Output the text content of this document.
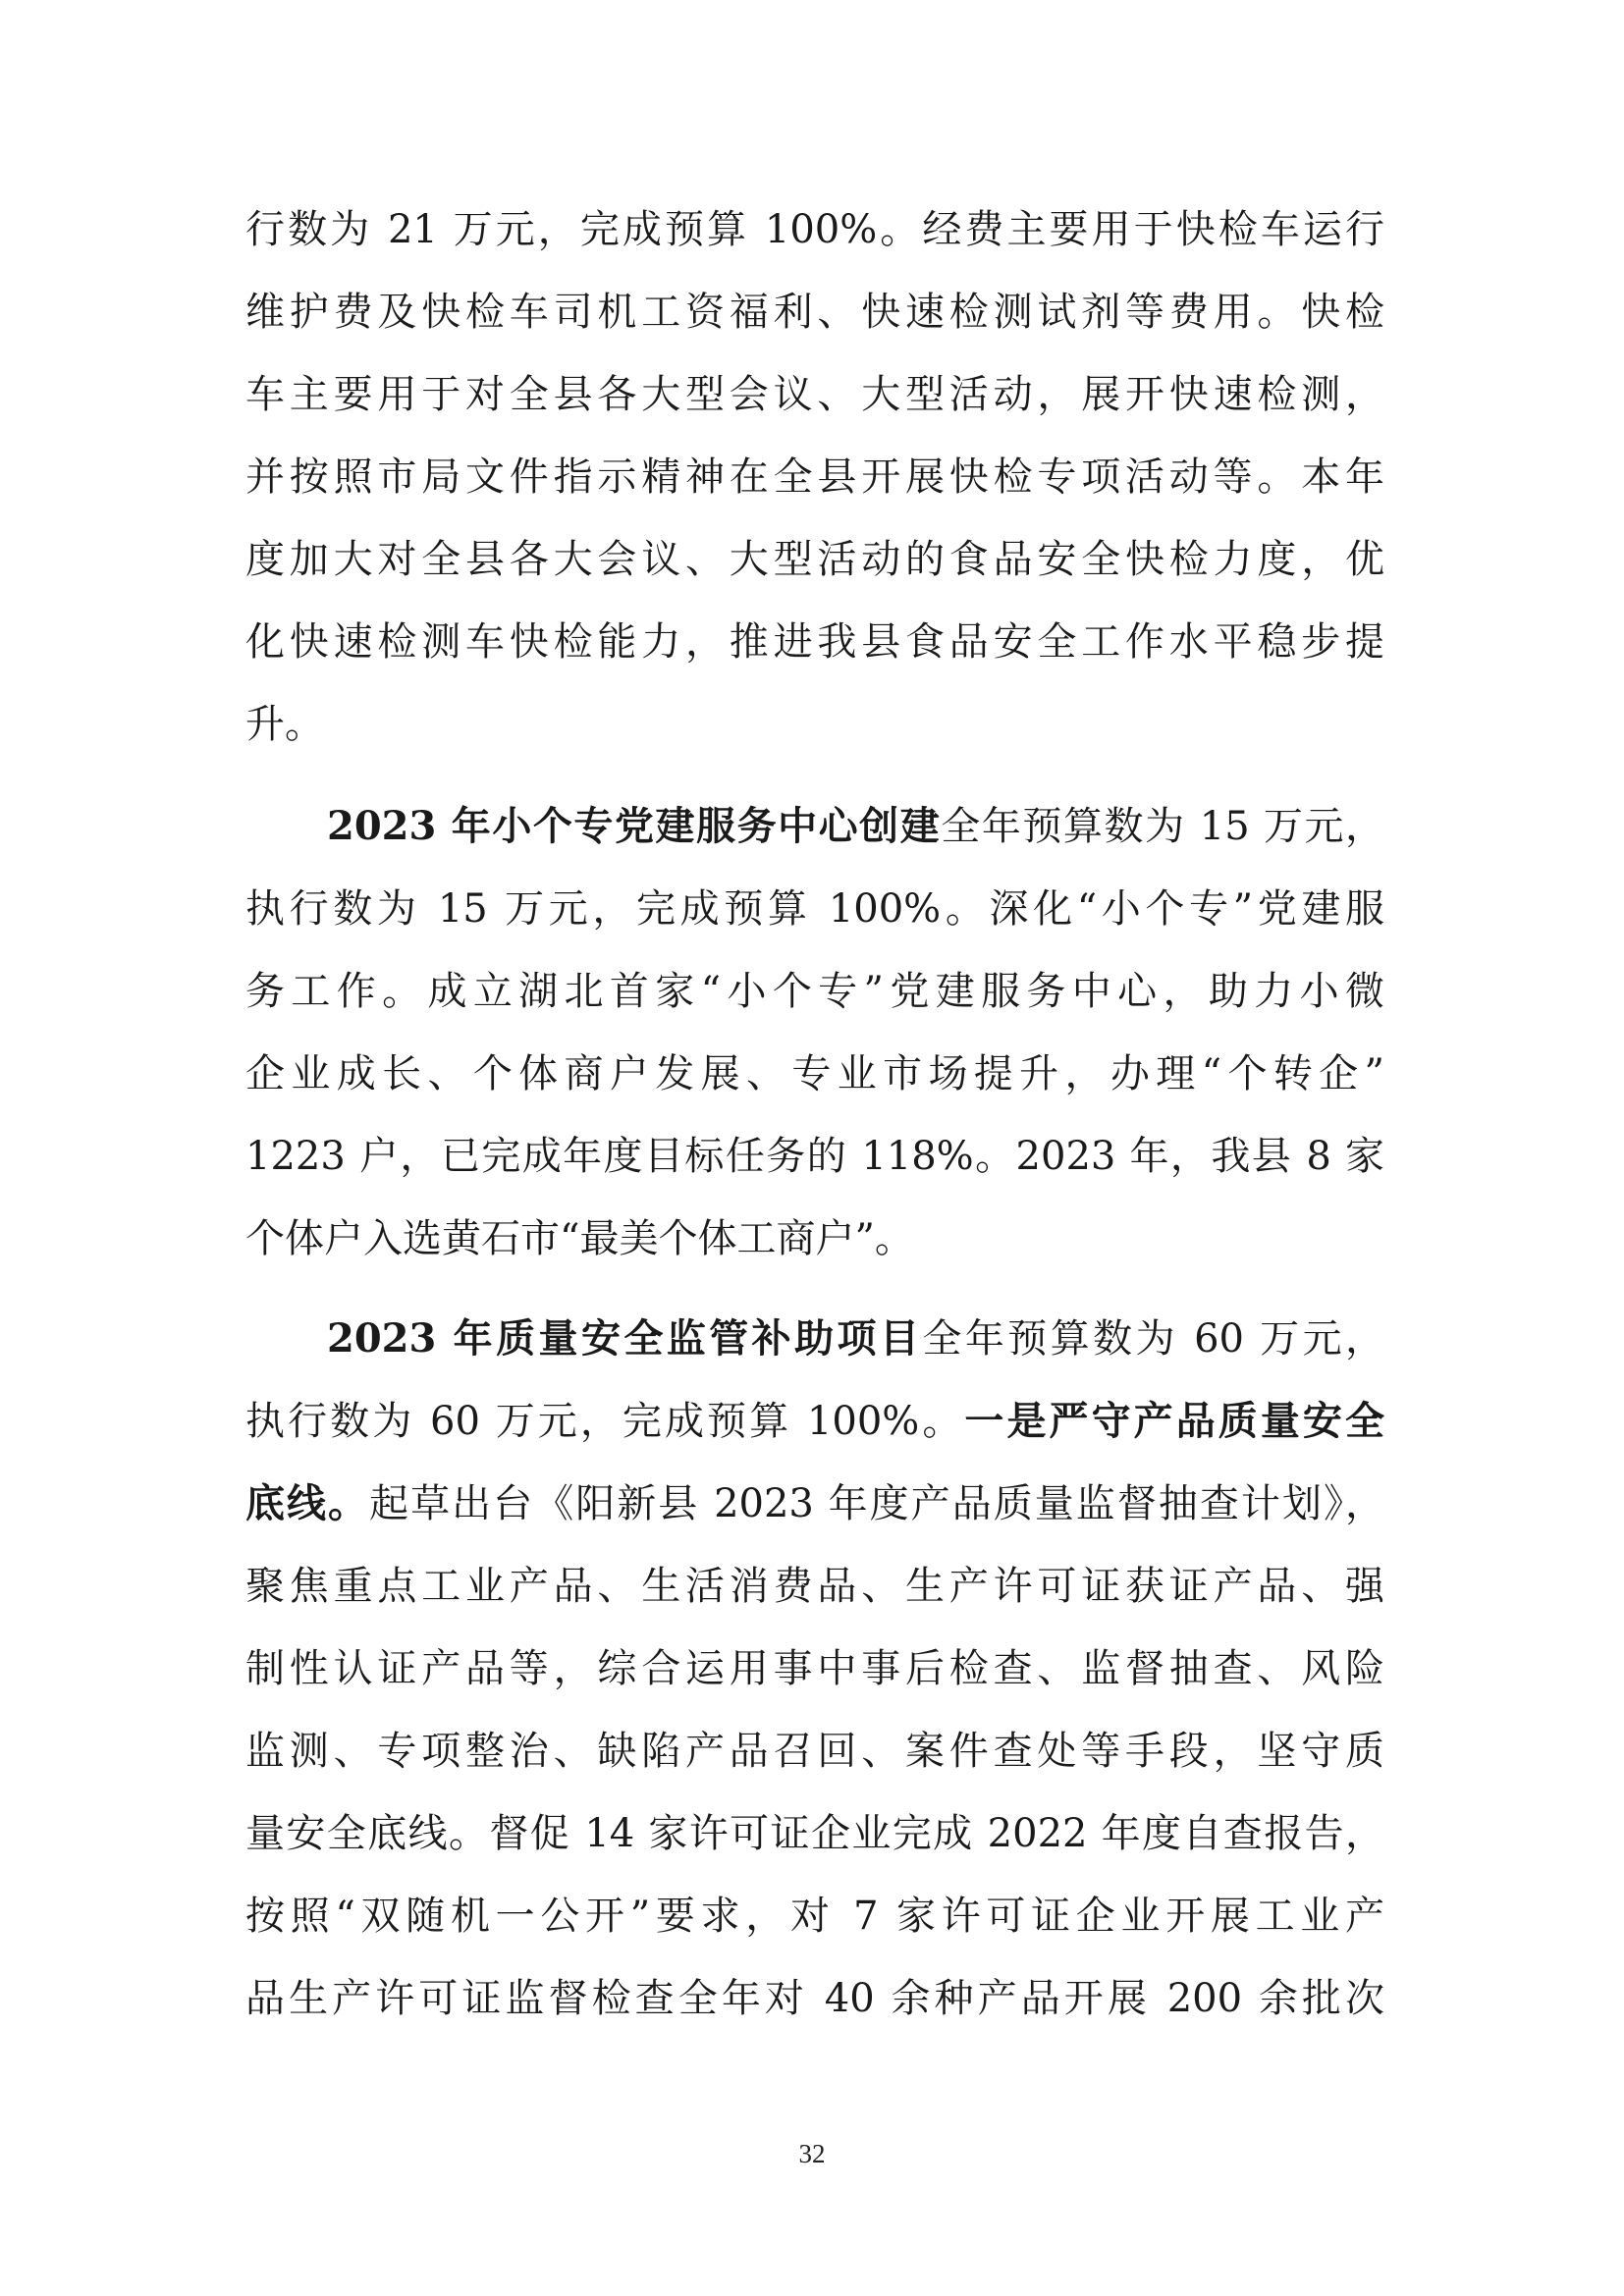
行数为 21 万元，完成预算 100%。经费主要用于快检车运行
维护费及快检车司机工资福利、快速检测试剂等费用。快检
车主要用于对全县各大型会议、大型活动，展开快速检测，
并按照市局文件指示精神在全县开展快检专项活动等。本年
度加大对全县各大会议、大型活动的食品安全快检力度，优
化快速检测车快检能力，推进我县食品安全工作水平稳步提
升。
2023 年小个专党建服务中心创建全年预算数为 15 万元，
执行数为 15 万元，完成预算 100%。深化“小个专”党建服
务工作。成立湖北首家“小个专”党建服务中心，助力小微
企业成长、个体商户发展、专业市场提升，办理“个转企”
1223 户，已完成年度目标任务的 118%。2023 年，我县 8 家
个体户入选黄石市“最美个体工商户”。
2023 年质量安全监管补助项目全年预算数为 60 万元，
执行数为 60 万元，完成预算 100%。一是严守产品质量安全
底线。起草出台《阳新县 2023 年度产品质量监督抽查计划》，
聚焦重点工业产品、生活消费品、生产许可证获证产品、强
制性认证产品等，综合运用事中事后检查、监督抽查、风险
监测、专项整治、缺陷产品召回、案件查处等手段，坚守质
量安全底线。督促 14 家许可证企业完成 2022 年度自查报告，
按照“双随机一公开”要求，对 7 家许可证企业开展工业产
品生产许可证监督检查全年对 40 余种产品开展 200 余批次
32
